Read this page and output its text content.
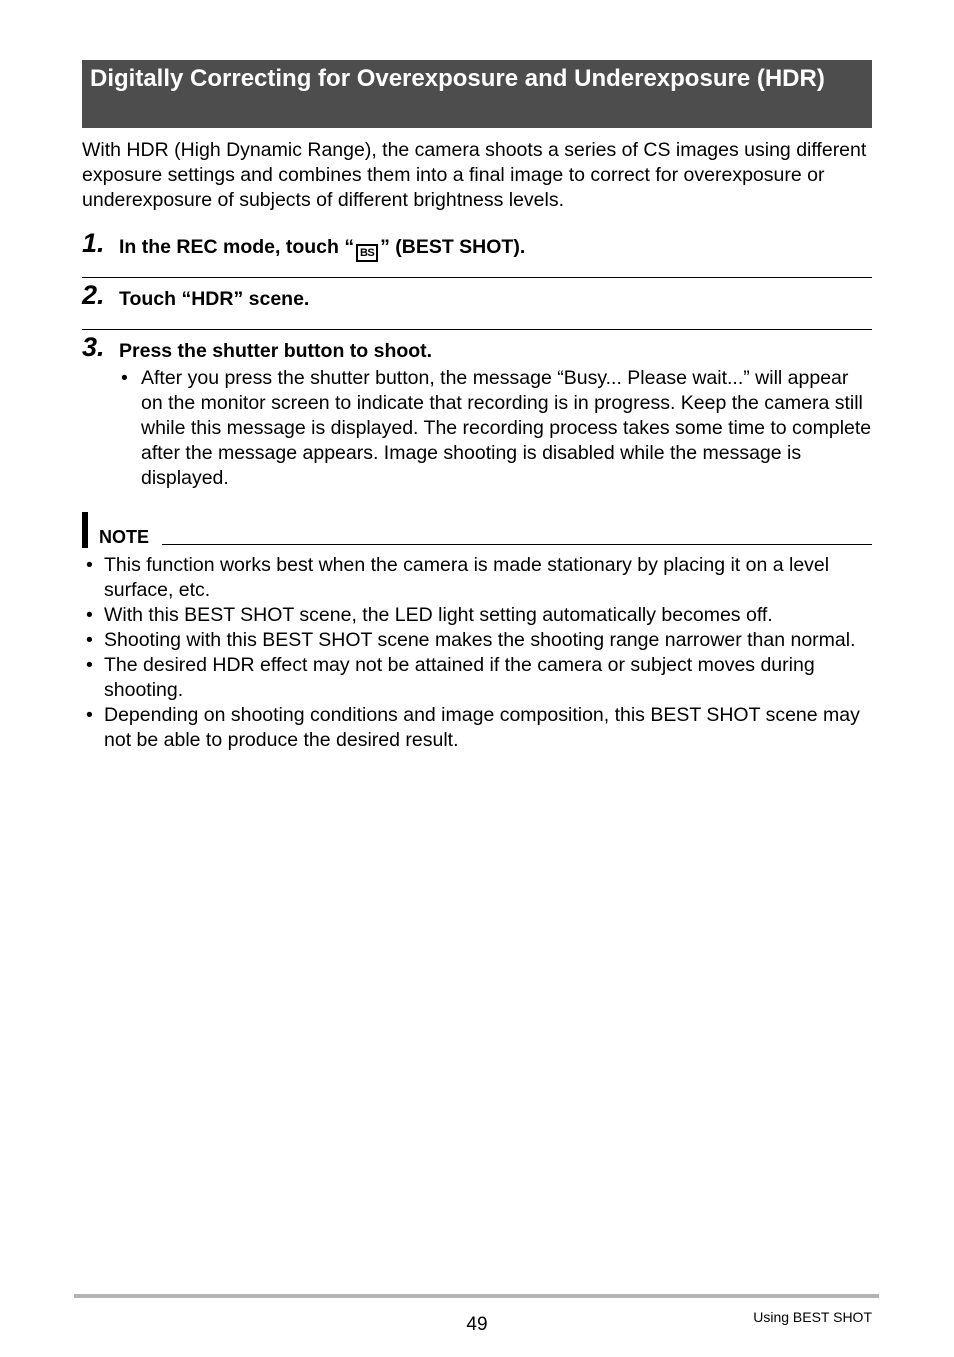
Digitally Correcting for Overexposure and Underexposure (HDR)
With HDR (High Dynamic Range), the camera shoots a series of CS images using different exposure settings and combines them into a final image to correct for overexposure or underexposure of subjects of different brightness levels.
1. In the REC mode, touch “ BS ” (BEST SHOT).
2. Touch “HDR” scene.
3. Press the shutter button to shoot.
• After you press the shutter button, the message “Busy... Please wait...” will appear on the monitor screen to indicate that recording is in progress. Keep the camera still while this message is displayed. The recording process takes some time to complete after the message appears. Image shooting is disabled while the message is displayed.
NOTE
• This function works best when the camera is made stationary by placing it on a level surface, etc.
• With this BEST SHOT scene, the LED light setting automatically becomes off.
• Shooting with this BEST SHOT scene makes the shooting range narrower than normal.
• The desired HDR effect may not be attained if the camera or subject moves during shooting.
• Depending on shooting conditions and image composition, this BEST SHOT scene may not be able to produce the desired result.
49	Using BEST SHOT
